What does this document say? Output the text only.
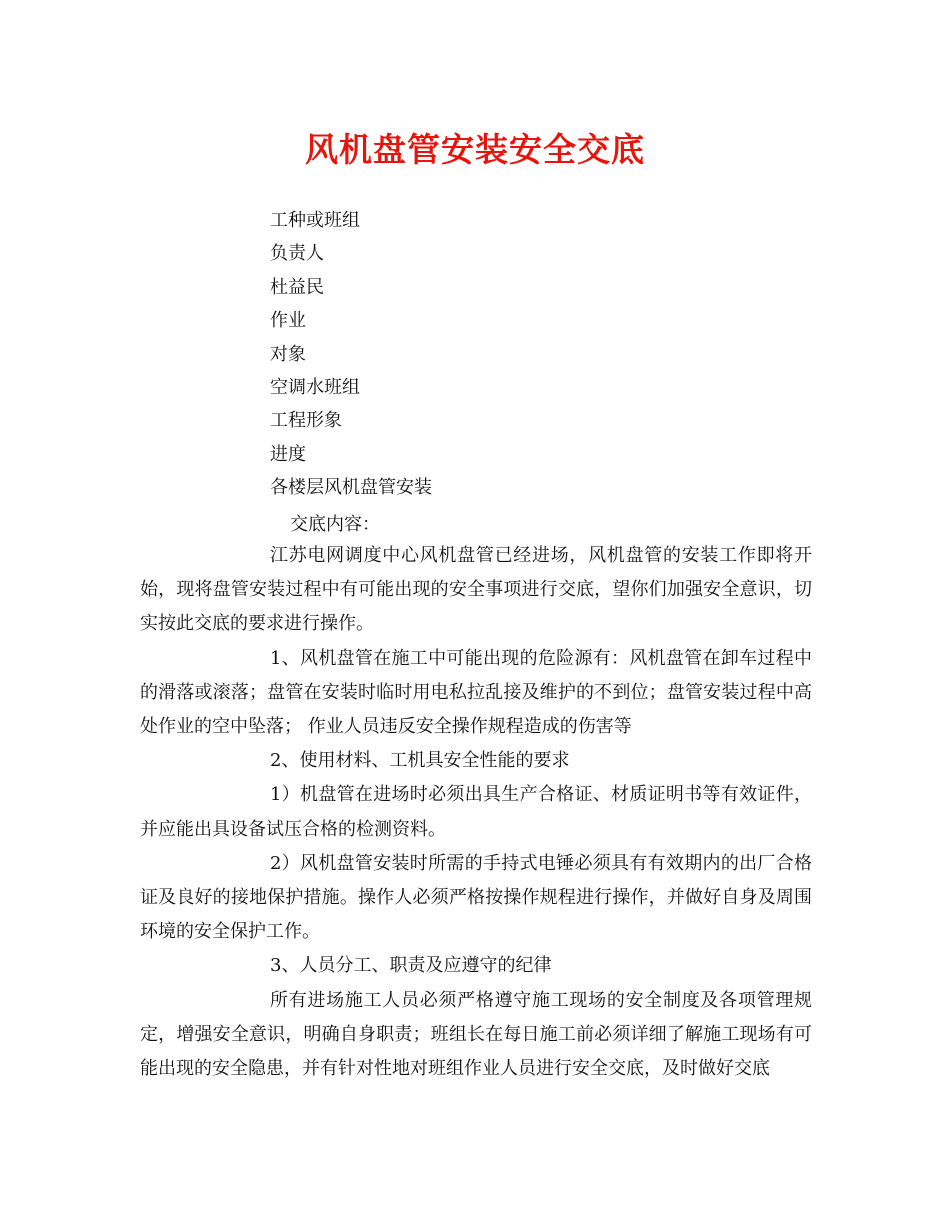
风机盘管安装安全交底
工种或班组
负责人
杜益民
作业
对象
空调水班组
工程形象
进度
各楼层风机盘管安装
交底内容：

江苏电网调度中心风机盘管已经进场，风机盘管的安装工作即将开始，现将盘管安装过程中有可能出现的安全事项进行交底，望你们加强安全意识，切实按此交底的要求进行操作。

1、风机盘管在施工中可能出现的危险源有：风机盘管在卸车过程中的滑落或滚落；盘管在安装时临时用电私拉乱接及维护的不到位；盘管安装过程中高处作业的空中坠落； 作业人员违反安全操作规程造成的伤害等

2、使用材料、工机具安全性能的要求

1）机盘管在进场时必须出具生产合格证、材质证明书等有效证件，并应能出具设备试压合格的检测资料。

2）风机盘管安装时所需的手持式电锤必须具有有效期内的出厂合格证及良好的接地保护措施。操作人必须严格按操作规程进行操作，并做好自身及周围环境的安全保护工作。

3、人员分工、职责及应遵守的纪律

所有进场施工人员必须严格遵守施工现场的安全制度及各项管理规定，增强安全意识，明确自身职责；班组长在每日施工前必须详细了解施工现场有可能出现的安全隐患，并有针对性地对班组作业人员进行安全交底，及时做好交底
